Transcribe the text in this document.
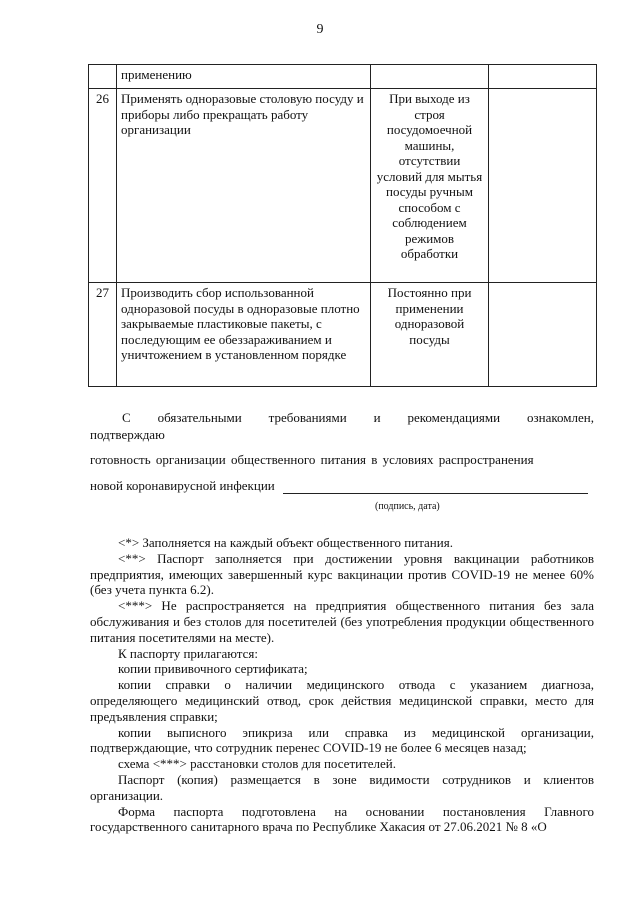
9
	применению		
26	Применять одноразовые столовую посуду и приборы либо прекращать работу организации	При выходе из строя посудомоечной машины, отсутствии условий для мытья посуды ручным способом с соблюдением режимов обработки	
27	Производить сбор использованной одноразовой посуды в одноразовые плотно закрываемые пластиковые пакеты, с последующим ее обеззараживанием и уничтожением в установленном порядке	Постоянно при применении одноразовой посуды	
С обязательными требованиями и рекомендациями ознакомлен,
подтверждаю
готовность организации общественного питания в условиях распространения
новой коронавирусной инфекции
(подпись, дата)

<*> Заполняется на каждый объект общественного питания.

<**> Паспорт заполняется при достижении уровня вакцинации работников предприятия, имеющих завершенный курс вакцинации против COVID-19 не менее 60% (без учета пункта 6.2).

<***> Не распространяется на предприятия общественного питания без зала обслуживания и без столов для посетителей (без употребления продукции общественного питания посетителями на месте).

К паспорту прилагаются:

копии прививочного сертификата;

копии справки о наличии медицинского отвода с указанием диагноза, определяющего медицинский отвод, срок действия медицинской справки, место для предъявления справки;

копии выписного эпикриза или справка из медицинской организации, подтверждающие, что сотрудник перенес COVID-19 не более 6 месяцев назад;

схема <***> расстановки столов для посетителей.

Паспорт (копия) размещается в зоне видимости сотрудников и клиентов организации.

Форма паспорта подготовлена на основании постановления Главного государственного санитарного врача по Республике Хакасия от 27.06.2021 № 8 «О
